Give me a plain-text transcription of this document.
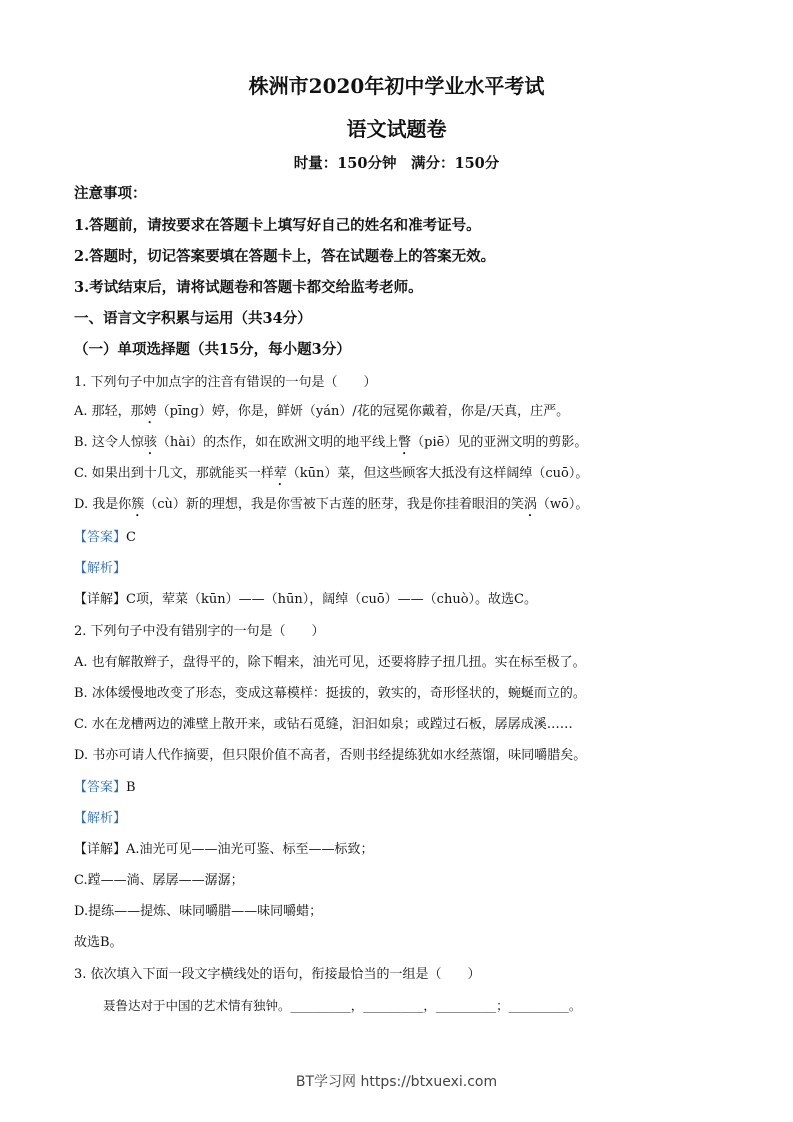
株洲市2020年初中学业水平考试
语文试题卷
时量：150分钟　满分：150分
注意事项：
1.答题前，请按要求在答题卡上填写好自己的姓名和准考证号。
2.答题时，切记答案要填在答题卡上，答在试题卷上的答案无效。
3.考试结束后，请将试题卷和答题卡都交给监考老师。
一、语言文字积累与运用（共34分）
（一）单项选择题（共15分，每小题3分）
1. 下列句子中加点字的注音有错误的一句是（　　）
A. 那轻，那娉（pīng）婷，你是，鲜妍（yán）/花的冠冕你戴着，你是/天真，庄严。
B. 这令人惊骇（hài）的杰作，如在欧洲文明的地平线上瞥（piē）见的亚洲文明的剪影。
C. 如果出到十几文，那就能买一样荤（kūn）菜，但这些顾客大抵没有这样阔绰（cuō）。
D. 我是你簇（cù）新的理想，我是你雪被下古莲的胚芽，我是你挂着眼泪的笑涡（wō）。
【答案】C
【解析】
【详解】C项，荤菜（kūn）——（hūn），阔绰（cuō）——（chuò）。故选C。
2. 下列句子中没有错别字的一句是（　　）
A. 也有解散辫子，盘得平的，除下帽来，油光可见，还要将脖子扭几扭。实在标至极了。
B. 冰体缓慢地改变了形态，变成这幕模样：挺拔的，敦实的，奇形怪状的，蜿蜒而立的。
C. 水在龙槽两边的滩壁上散开来，或钻石觅缝，汩汩如泉；或蹚过石板，孱孱成溪……
D. 书亦可请人代作摘要，但只限价值不高者，否则书经提练犹如水经蒸馏，味同嚼腊矣。
【答案】B
【解析】
【详解】A.油光可见——油光可鉴、标至——标致；
C.蹚——淌、孱孱——潺潺；
D.提练——提炼、味同嚼腊——味同嚼蜡；
故选B。
3. 依次填入下面一段文字横线处的语句，衔接最恰当的一组是（　　）
聂鲁达对于中国的艺术情有独钟。________，________，________；________。
BT学习网 https://btxuexi.com
